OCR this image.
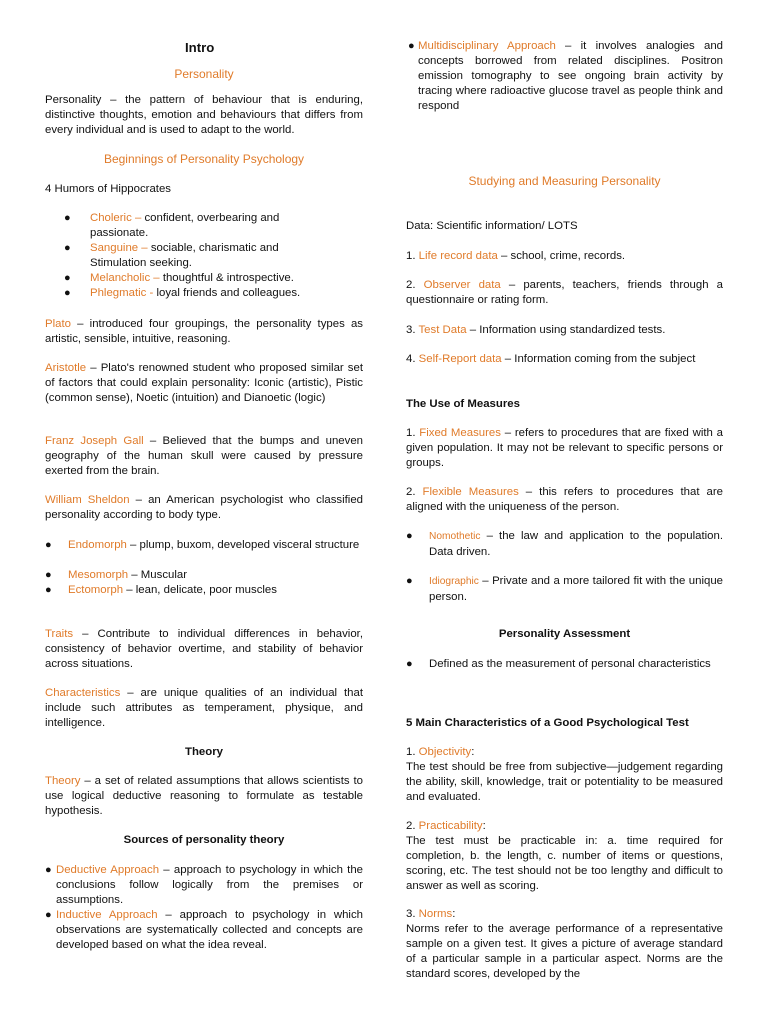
Intro
Personality

Personality – the pattern of behaviour that is enduring, distinctive thoughts, emotion and behaviours that differs from every individual and is used to adapt to the world.

Beginnings of Personality Psychology
4 Humors of Hippocrates
●	Choleric – confident, overbearing and passionate.
●	Sanguine – sociable, charismatic and Stimulation seeking.
●	Melancholic – thoughtful & introspective.
●	Phlegmatic - loyal friends and colleagues.

Plato – introduced four groupings, the personality types as artistic, sensible, intuitive, reasoning.

Aristotle – Plato's renowned student who proposed similar set of factors that could explain personality: Iconic (artistic), Pistic (common sense), Noetic (intuition) and Dianoetic (logic)

Franz Joseph Gall – Believed that the bumps and uneven geography of the human skull were caused by pressure exerted from the brain.

William Sheldon – an American psychologist who classified personality according to body type.

●	Endomorph – plump, buxom, developed visceral structure
●	Mesomorph – Muscular
●	Ectomorph – lean, delicate, poor muscles

Traits – Contribute to individual differences in behavior, consistency of behavior overtime, and stability of behavior across situations.

Characteristics – are unique qualities of an individual that include such attributes as temperament, physique, and intelligence.

Theory

Theory – a set of related assumptions that allows scientists to use logical deductive reasoning to formulate as testable hypothesis.

Sources of personality theory
● Deductive Approach – approach to psychology in which the conclusions follow logically from the premises or assumptions.
● Inductive Approach – approach to psychology in which observations are systematically collected and concepts are developed based on what the idea reveal.
● Multidisciplinary Approach – it involves analogies and concepts borrowed from related disciplines. Positron emission tomography to see ongoing brain activity by tracing where radioactive glucose travel as people think and respond
Studying and Measuring Personality
Data: Scientific information/ LOTS

1. Life record data – school, crime, records.

2. Observer data – parents, teachers, friends through a questionnaire or rating form.

3. Test Data – Information using standardized tests.

4. Self-Report data – Information coming from the subject

The Use of Measures

1. Fixed Measures – refers to procedures that are fixed with a given population. It may not be relevant to specific persons or groups.

2. Flexible Measures – this refers to procedures that are aligned with the uniqueness of the person.

●	Nomothetic – the law and application to the population. Data driven.
●	Idiographic – Private and a more tailored fit with the unique person.
Personality Assessment
●	Defined as the measurement of personal characteristics
5 Main Characteristics of a Good Psychological Test
1. Objectivity:

The test should be free from subjective—judgement regarding the ability, skill, knowledge, trait or potentiality to be measured and evaluated.

2. Practicability:

The test must be practicable in: a. time required for completion, b. the length, c. number of items or questions, scoring, etc. The test should not be too lengthy and difficult to answer as well as scoring.

3. Norms:

Norms refer to the average performance of a representative sample on a given test. It gives a picture of average standard of a particular sample in a particular aspect. Norms are the standard scores, developed by the
